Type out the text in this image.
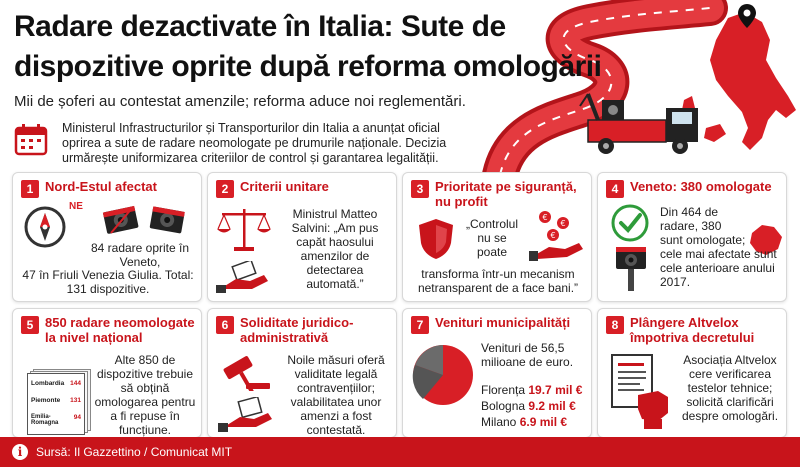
Radare dezactivate în Italia: Sute de
dispozitive oprite după reforma omologării
Mii de șoferi au contestat amenzile; reforma aduce noi reglementări.
Ministerul Infrastructurilor și Transporturilor din Italia a anunțat oficial oprirea a sute de radare neomologate pe drumurile naționale. Decizia urmărește uniformizarea criteriilor de control și garantarea legalității.
1 Nord-Estul afectat
NE
84 radare oprite în Veneto,
47 în Friuli Venezia Giulia. Total: 131 dispozitive.
2 Criterii unitare
Ministrul Matteo Salvini: „Am pus capăt haosului amenzilor de detectarea automată.”
3 Prioritate pe siguranță, nu profit
„Controlul nu se poate
€
€
€
transforma într-un mecanism netransparent de a face bani.”
4 Veneto: 380 omologate
Din 464 de radare, 380 sunt omologate;
cele mai afectate sunt cele anterioare anului 2017.
5 850 radare neomologate la nivel național
Lombardia 144
Piemonte 131
Emilia-Romagna
94
Alte 850 de dispozitive trebuie să obțină omologarea pentru a fi repuse în funcțiune.
6 Soliditate juridico-administrativă
Noile măsuri oferă validitate legală contravențiilor; valabilitatea unor amenzi a fost contestată.
7 Venituri municipalități
Venituri de 56,5 milioane de euro.
Florența 19.7 mil €
Bologna 9.2 mil €
Milano 6.9 mil €
8 Plângere Altvelox împotriva decretului
Asociația Altvelox cere verificarea testelor tehnice; solicită clarificări despre omologări.
i	Sursă: Il Gazzettino / Comunicat MIT
